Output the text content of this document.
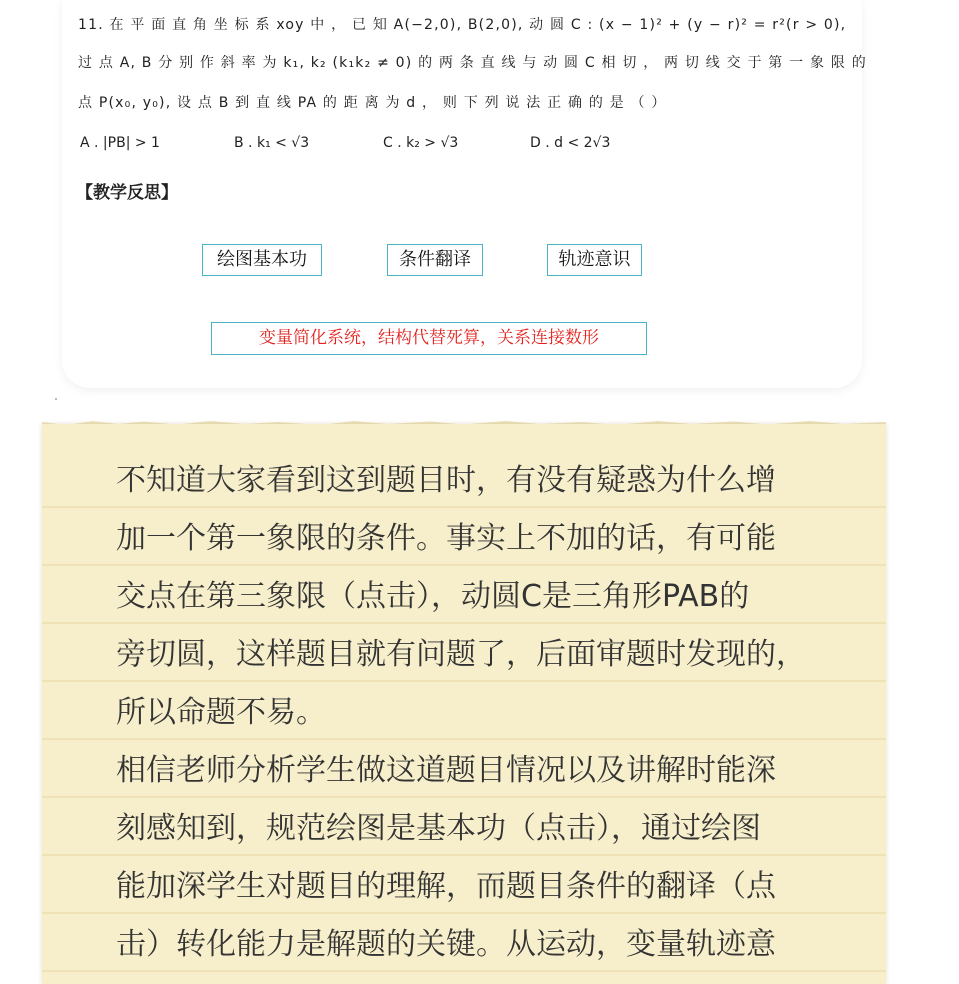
11. 在 平 面 直 角 坐 标 系 xoy 中 ， 已 知 A(−2,0), B(2,0), 动 圆 C : (x − 1)² + (y − r)² = r²(r > 0),
过 点 A, B 分 别 作 斜 率 为 k₁, k₂ (k₁k₂ ≠ 0) 的 两 条 直 线 与 动 圆 C 相 切 ， 两 切 线 交 于 第 一 象 限 的
点 P(x₀, y₀), 设 点 B 到 直 线 PA 的 距 离 为 d ， 则 下 列 说 法 正 确 的 是 （ ）
A . |PB| > 1	B . k₁ < √3	C . k₂ > √3	D . d < 2√3
【教学反思】
绘图基本功	条件翻译	轨迹意识
变量简化系统，结构代替死算，关系连接数形

不知道大家看到这到题目时，有没有疑惑为什么增

加一个第一象限的条件。事实上不加的话，有可能

交点在第三象限（点击），动圆C是三角形PAB的

旁切圆，这样题目就有问题了，后面审题时发现的，

所以命题不易。

相信老师分析学生做这道题目情况以及讲解时能深

刻感知到，规范绘图是基本功（点击），通过绘图

能加深学生对题目的理解，而题目条件的翻译（点

击）转化能力是解题的关键。从运动，变量轨迹意
